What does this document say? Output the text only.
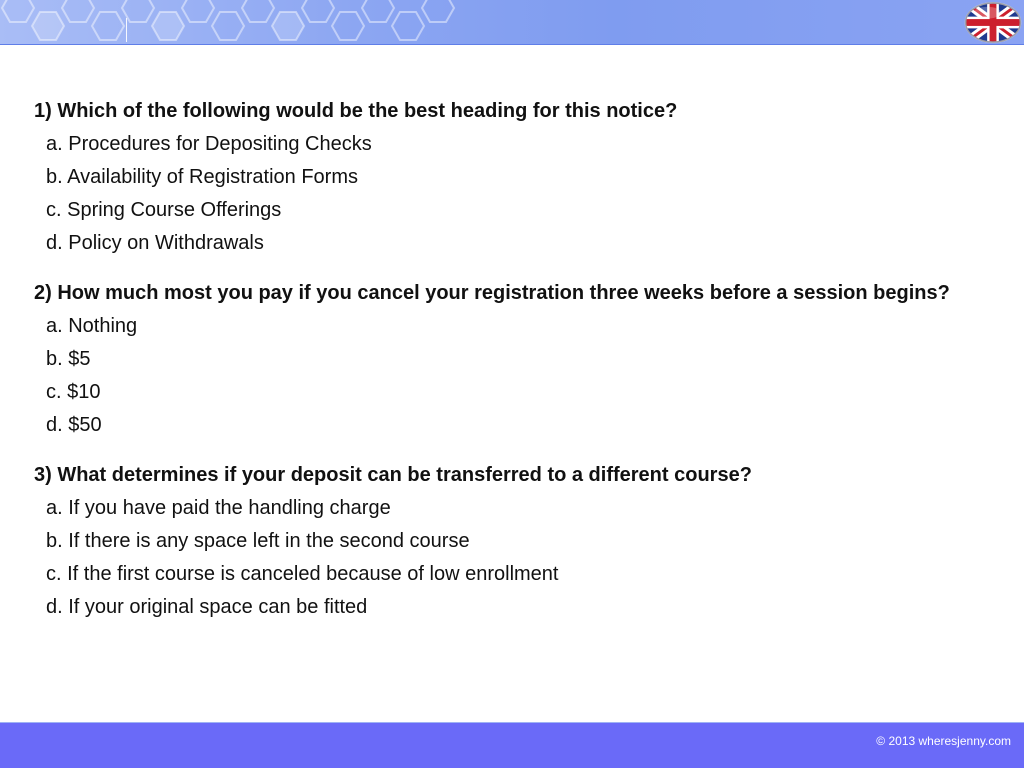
1) Which of the following would be the best heading for this notice?

a. Procedures for Depositing Checks
b. Availability of Registration Forms
c. Spring Course Offerings
d. Policy on Withdrawals

2) How much most you pay if you cancel your registration three weeks before a session begins?

a. Nothing
b. $5
c. $10
d. $50

3) What determines if your deposit can be transferred to a different course?

a. If you have paid the handling charge
b. If there is any space left in the second course
c. If the first course is canceled because of low enrollment
d. If your original space can be fitted
© 2013 wheresjenny.com
